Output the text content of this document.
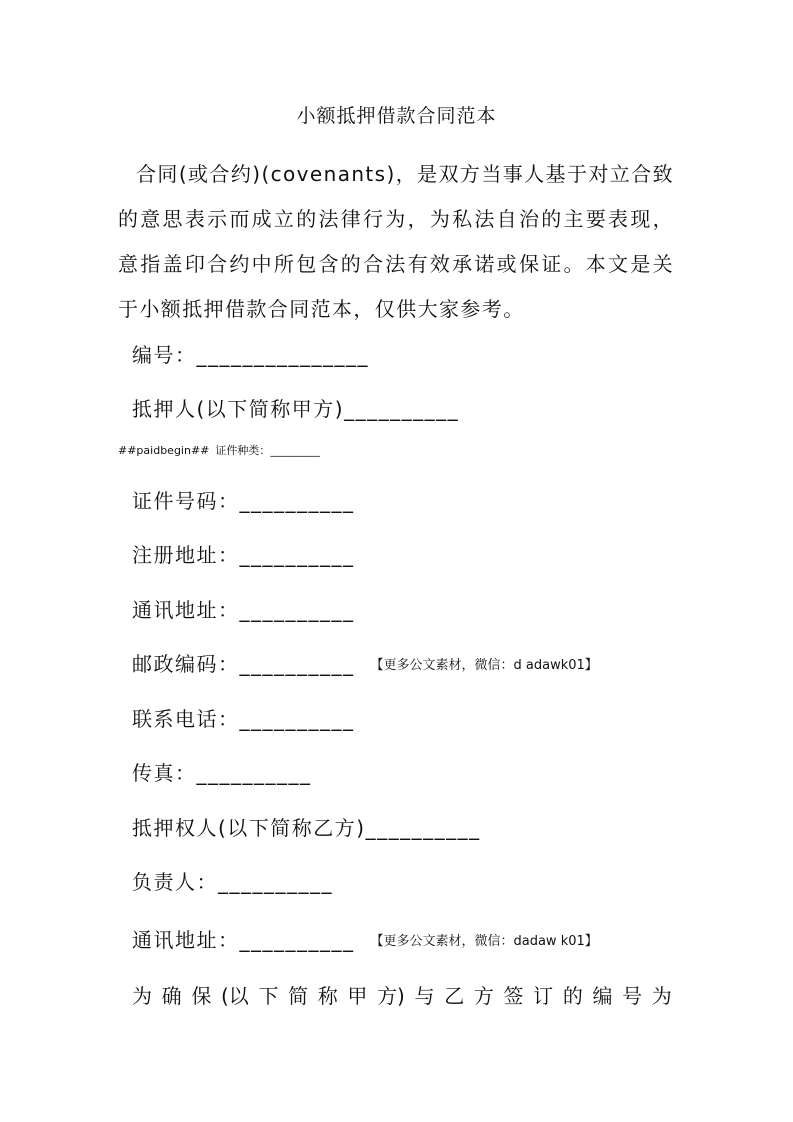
小额抵押借款合同范本
合同(或合约)(covenants)，是双方当事人基于对立合致的意思表示而成立的法律行为，为私法自治的主要表现，意指盖印合约中所包含的合法有效承诺或保证。本文是关于小额抵押借款合同范本，仅供大家参考。
编号：_______________
抵押人(以下简称甲方)__________
##paidbegin## 证件种类：_________
证件号码：__________
注册地址：__________
通讯地址：__________
邮政编码：__________ 【更多公文素材，微信：d adawk01】
联系电话：__________
传真：__________
抵押权人(以下简称乙方)__________
负责人：__________
通讯地址：__________ 【更多公文素材，微信：dadaw k01】
为 确 保 (以 下 简 称 甲 方) 与 乙 方 签 订 的 编 号 为
